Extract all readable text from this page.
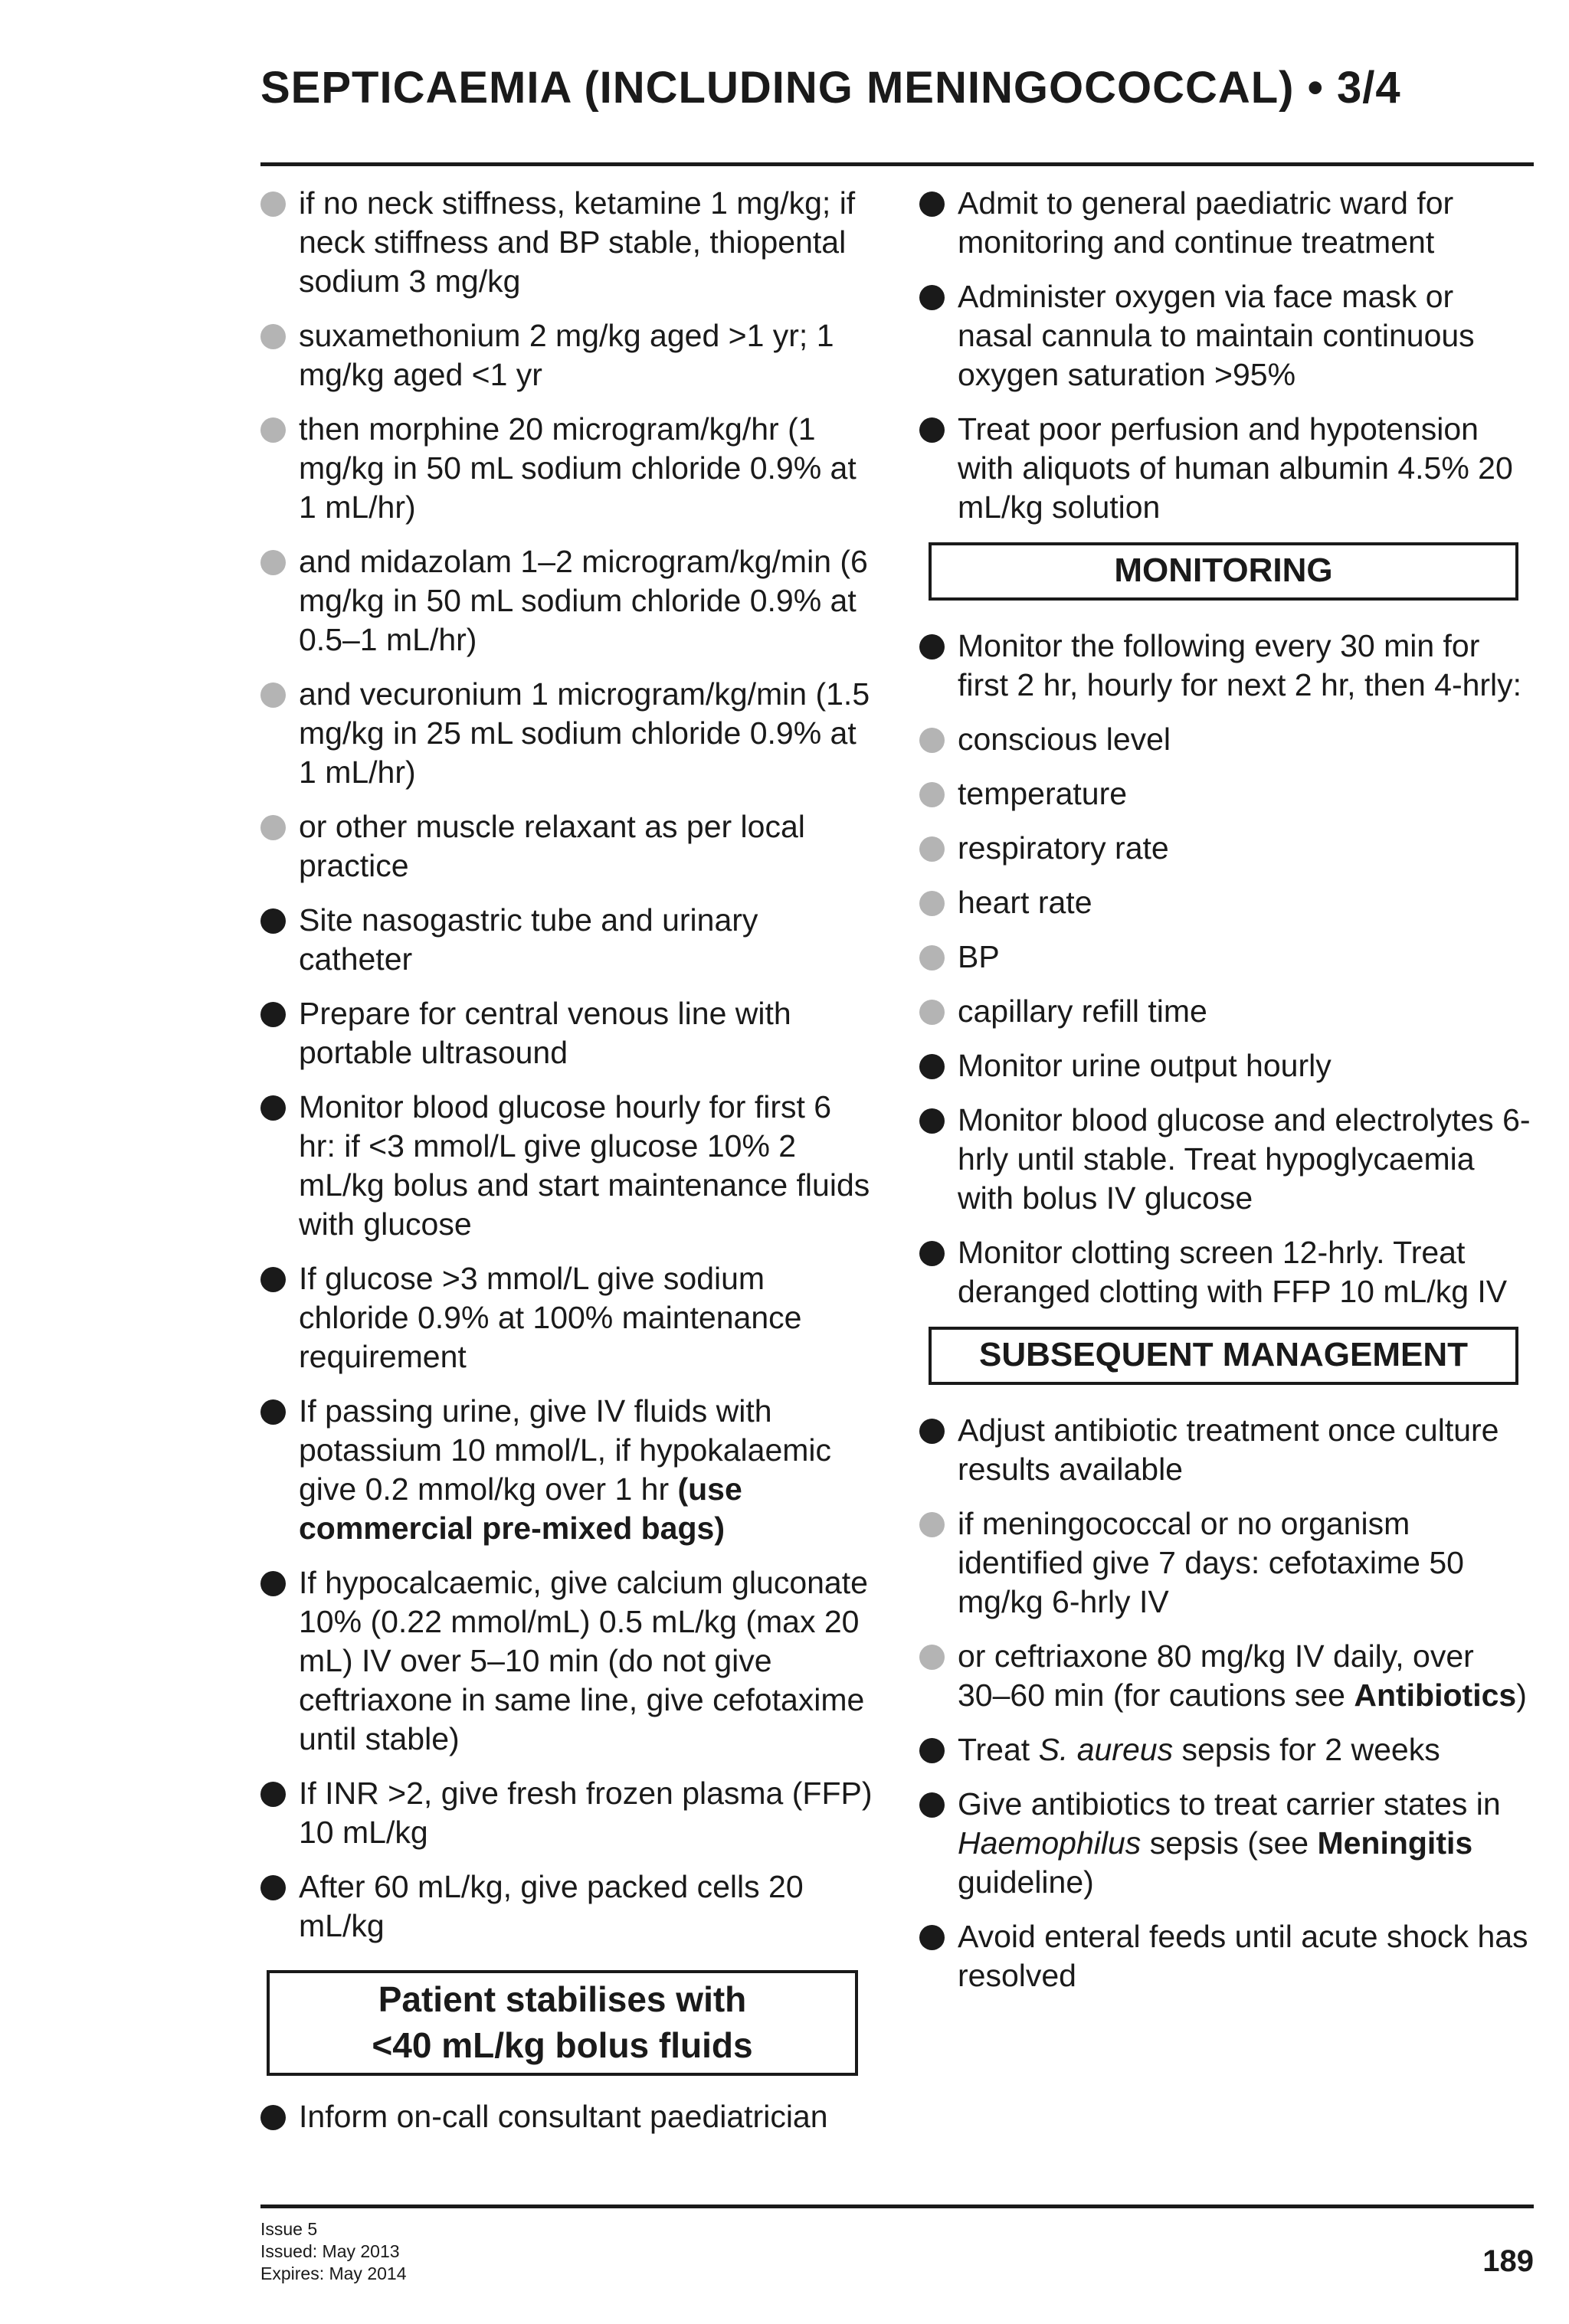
SEPTICAEMIA (INCLUDING MENINGOCOCCAL) • 3/4
if no neck stiffness, ketamine 1 mg/kg; if neck stiffness and BP stable, thiopental sodium 3 mg/kg
suxamethonium 2 mg/kg aged >1 yr; 1 mg/kg aged <1 yr
then morphine 20 microgram/kg/hr (1 mg/kg in 50 mL sodium chloride 0.9% at 1 mL/hr)
and midazolam 1–2 microgram/kg/min (6 mg/kg in 50 mL sodium chloride 0.9% at 0.5–1 mL/hr)
and vecuronium 1 microgram/kg/min (1.5 mg/kg in 25 mL sodium chloride 0.9% at 1 mL/hr)
or other muscle relaxant as per local practice
Site nasogastric tube and urinary catheter
Prepare for central venous line with portable ultrasound
Monitor blood glucose hourly for first 6 hr: if <3 mmol/L give glucose 10% 2 mL/kg bolus and start maintenance fluids with glucose
If glucose >3 mmol/L give sodium chloride 0.9% at 100% maintenance requirement
If passing urine, give IV fluids with potassium 10 mmol/L, if hypokalaemic give 0.2 mmol/kg over 1 hr (use commercial pre-mixed bags)
If hypocalcaemic, give calcium gluconate 10% (0.22 mmol/mL) 0.5 mL/kg (max 20 mL) IV over 5–10 min (do not give ceftriaxone in same line, give cefotaxime until stable)
If INR >2, give fresh frozen plasma (FFP) 10 mL/kg
After 60 mL/kg, give packed cells 20 mL/kg
Patient stabilises with
<40 mL/kg bolus fluids
Inform on-call consultant paediatrician
Admit to general paediatric ward for monitoring and continue treatment
Administer oxygen via face mask or nasal cannula to maintain continuous oxygen saturation >95%
Treat poor perfusion and hypotension with aliquots of human albumin 4.5% 20 mL/kg solution
MONITORING
Monitor the following every 30 min for first 2 hr, hourly for next 2 hr, then 4-hrly:
conscious level
temperature
respiratory rate
heart rate
BP
capillary refill time
Monitor urine output hourly
Monitor blood glucose and electrolytes 6-hrly until stable. Treat hypoglycaemia with bolus IV glucose
Monitor clotting screen 12-hrly. Treat deranged clotting with FFP 10 mL/kg IV
SUBSEQUENT MANAGEMENT
Adjust antibiotic treatment once culture results available
if meningococcal or no organism identified give 7 days: cefotaxime 50 mg/kg 6-hrly IV
or ceftriaxone 80 mg/kg IV daily, over 30–60 min (for cautions see Antibiotics)
Treat S. aureus sepsis for 2 weeks
Give antibiotics to treat carrier states in Haemophilus sepsis (see Meningitis guideline)
Avoid enteral feeds until acute shock has resolved
Issue 5
Issued: May 2013
Expires: May 2014	189
